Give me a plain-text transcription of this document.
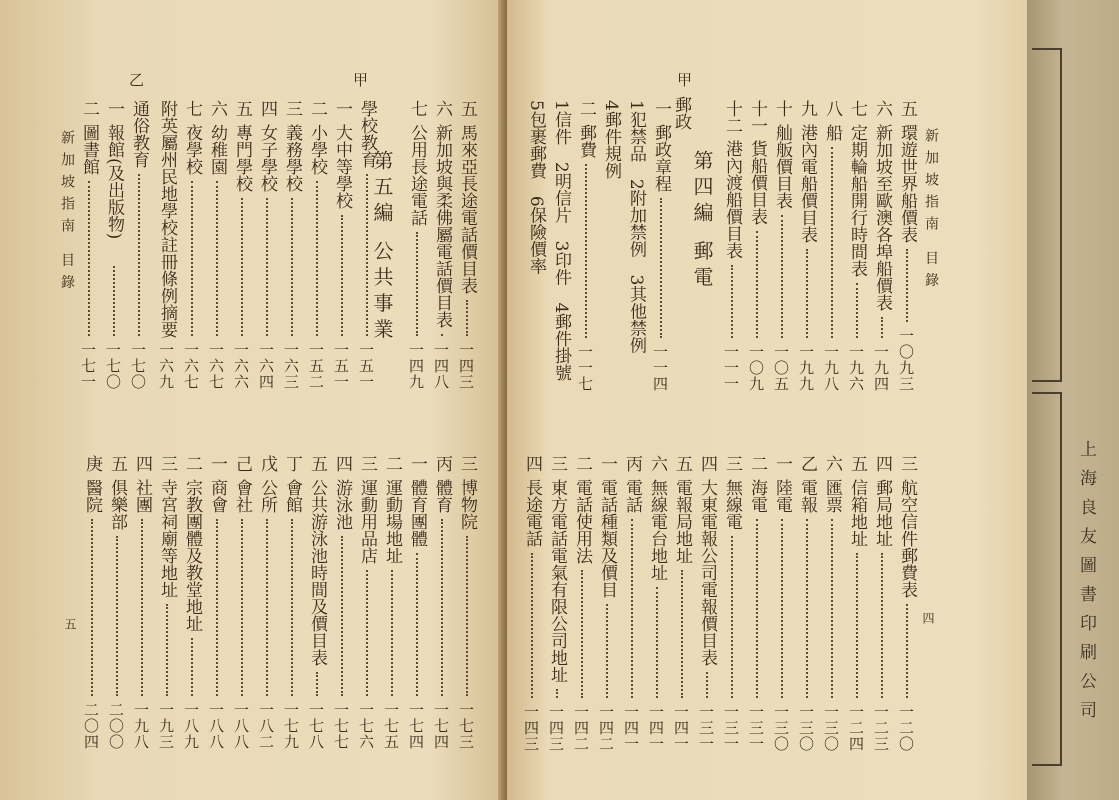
上海良友圖書印刷公司
新加坡指南 目錄
四
五
環遊世界船價表
一〇九三
六
新加坡至歐澳各埠船價表
一九四
七
定期輪船開行時間表
一九六
八
船
一九八
九
港內電船價目表
一九九
十
舢舨價目表
一〇五
十一
貨船價目表
一〇九
十二
港內渡船價目表
一一一
一
郵政章程
一一四
1犯禁品　2附加禁例　3其他禁例
4郵件規例
二
郵費
一一七
1信件　2明信片　3印件　4郵件掛號
5包裹郵費　6保險價率
三
航空信件郵費表
一二〇
四
郵局地址
一二三
五
信箱地址
一二四
六
匯票
一三〇
乙
電報
一三〇
一
陸電
一三〇
二
海電
一三一
三
無線電
一三一
四
大東電報公司電報價目表
一三一
五
電報局地址
一四一
六
無線電台地址
一四一
丙
電話
一四一
一
電話種類及價目
一四二
二
電話使用法
一四二
三
東方電話電氣有限公司地址
一四三
四
長途電話
一四三
五
馬來亞長途電話價目表
一四三
六
新加坡與柔佛屬電話價目表
一四八
七
公用長途電話
一四九
學校教育
一五一
一
大中等學校
一五一
二
小學校
一五二
三
義務學校
一六三
四
女子學校
一六四
五
專門學校
一六六
六
幼稚園
一六七
七
夜學校
一六七
附英屬州民地學校註冊條例摘要
一六九
通俗教育
一七〇
一
報館(及出版物)
一七〇
二
圖書館
一七一
三
博物院
一七三
丙
體育
一七四
一
體育團體
一七四
二
運動場地址
一七五
三
運動用品店
一七六
四
游泳池
一七七
五
公共游泳池時間及價目表
一七八
丁
會館
一七九
戊
公所
一八二
己
會社
一八八
一
商會
一八八
二
宗教團體及教堂地址
一八九
三
寺宮祠廟等地址
一九三
四
社團
一九八
五
俱樂部
二〇〇
庚
醫院
二〇四
第四編 郵電
甲
郵政
新加坡指南 目錄
五
第五編 公共事業
甲
乙
